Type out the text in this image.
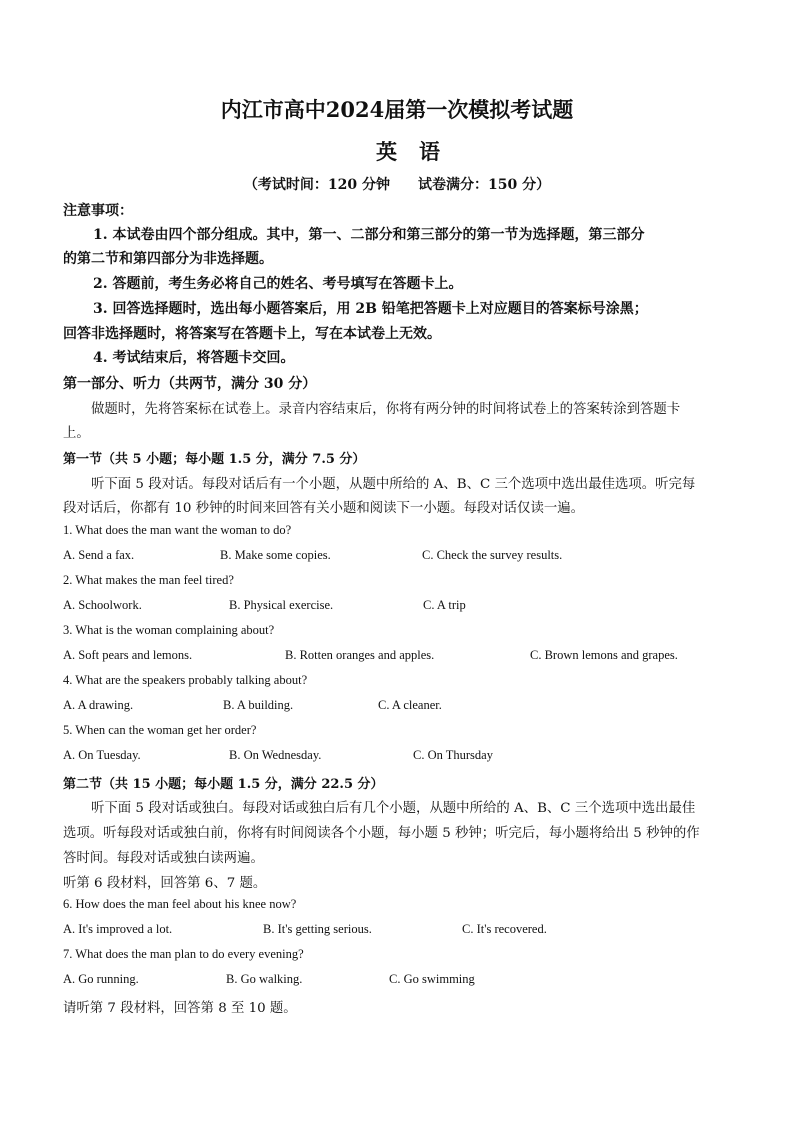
内江市高中2024届第一次模拟考试题
英语
（考试时间：120 分钟　　试卷满分：150 分）
注意事项：
1. 本试卷由四个部分组成。其中，第一、二部分和第三部分的第一节为选择题，第三部分
的第二节和第四部分为非选择题。
2. 答题前，考生务必将自己的姓名、考号填写在答题卡上。
3. 回答选择题时，选出每小题答案后，用 2B 铅笔把答题卡上对应题目的答案标号涂黑；
回答非选择题时，将答案写在答题卡上，写在本试卷上无效。
4. 考试结束后，将答题卡交回。
第一部分、听力（共两节，满分 30 分）
做题时，先将答案标在试卷上。录音内容结束后，你将有两分钟的时间将试卷上的答案转涂到答题卡
上。
第一节（共 5 小题；每小题 1.5 分，满分 7.5 分）
听下面 5 段对话。每段对话后有一个小题，从题中所给的 A、B、C 三个选项中选出最佳选项。听完每
段对话后，你都有 10 秒钟的时间来回答有关小题和阅读下一小题。每段对话仅读一遍。
1. What does the man want the woman to do?
A. Send a fax.	B. Make some copies.	C. Check the survey results.
2. What makes the man feel tired?
A. Schoolwork.	B. Physical exercise.	C. A trip
3. What is the woman complaining about?
A. Soft pears and lemons.	B. Rotten oranges and apples.	C. Brown lemons and grapes.
4. What are the speakers probably talking about?
A. A drawing.	B. A building.	C. A cleaner.
5. When can the woman get her order?
A. On Tuesday.	B. On Wednesday.	C. On Thursday
第二节（共 15 小题；每小题 1.5 分，满分 22.5 分）
听下面 5 段对话或独白。每段对话或独白后有几个小题，从题中所给的 A、B、C 三个选项中选出最佳
选项。听每段对话或独白前，你将有时间阅读各个小题，每小题 5 秒钟；听完后，每小题将给出 5 秒钟的作
答时间。每段对话或独白读两遍。
听第 6 段材料，回答第 6、7 题。
6. How does the man feel about his knee now?
A. It's improved a lot.	B. It's getting serious.	C. It's recovered.
7. What does the man plan to do every evening?
A. Go running.	B. Go walking.	C. Go swimming
请听第 7 段材料，回答第 8 至 10 题。
